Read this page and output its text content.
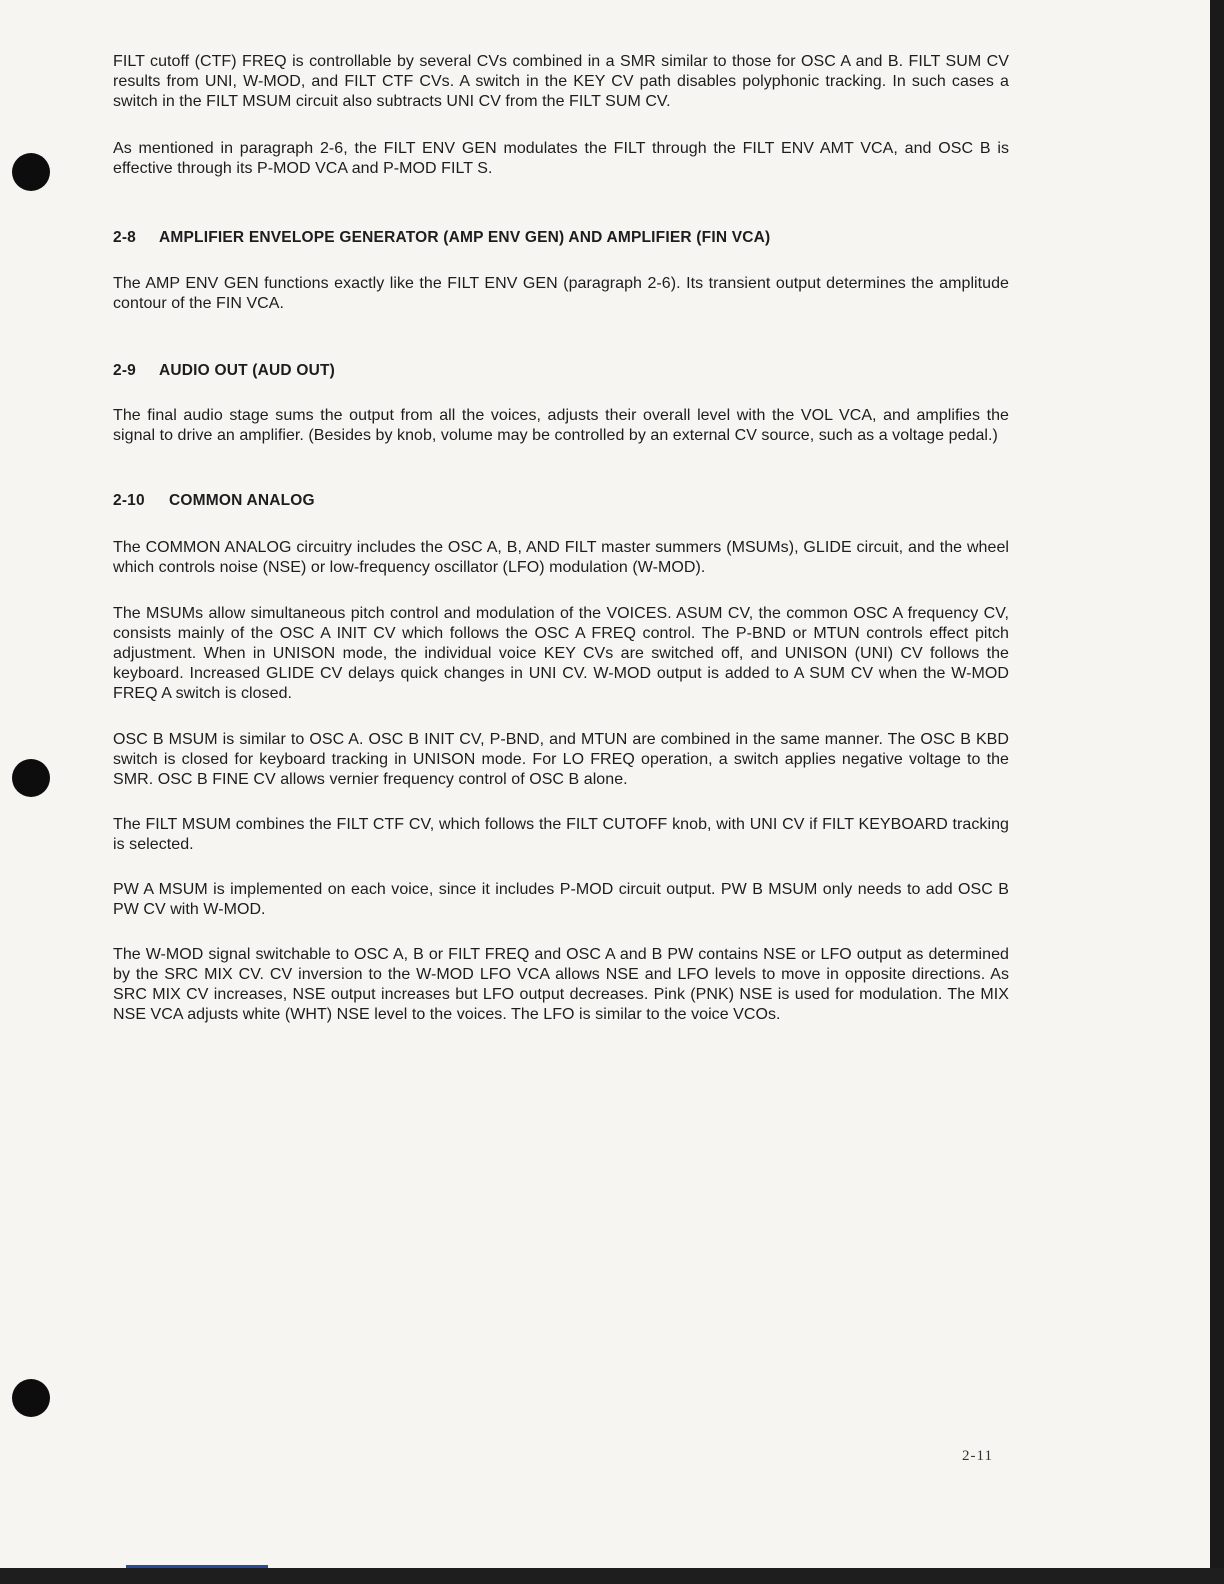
FILT cutoff (CTF) FREQ is controllable by several CVs combined in a SMR similar to those for OSC A and B. FILT SUM CV results from UNI, W-MOD, and FILT CTF CVs. A switch in the KEY CV path disables polyphonic tracking. In such cases a switch in the FILT MSUM circuit also subtracts UNI CV from the FILT SUM CV.

As mentioned in paragraph 2-6, the FILT ENV GEN modulates the FILT through the FILT ENV AMT VCA, and OSC B is effective through its P-MOD VCA and P-MOD FILT S.

2-8 AMPLIFIER ENVELOPE GENERATOR (AMP ENV GEN) AND AMPLIFIER (FIN VCA)

The AMP ENV GEN functions exactly like the FILT ENV GEN (paragraph 2-6). Its transient output determines the amplitude contour of the FIN VCA.

2-9 AUDIO OUT (AUD OUT)

The final audio stage sums the output from all the voices, adjusts their overall level with the VOL VCA, and amplifies the signal to drive an amplifier. (Besides by knob, volume may be controlled by an external CV source, such as a voltage pedal.)

2-10 COMMON ANALOG

The COMMON ANALOG circuitry includes the OSC A, B, AND FILT master summers (MSUMs), GLIDE circuit, and the wheel which controls noise (NSE) or low-frequency oscillator (LFO) modulation (W-MOD).

The MSUMs allow simultaneous pitch control and modulation of the VOICES. ASUM CV, the common OSC A frequency CV, consists mainly of the OSC A INIT CV which follows the OSC A FREQ control. The P-BND or MTUN controls effect pitch adjustment. When in UNISON mode, the individual voice KEY CVs are switched off, and UNISON (UNI) CV follows the keyboard. Increased GLIDE CV delays quick changes in UNI CV. W-MOD output is added to A SUM CV when the W-MOD FREQ A switch is closed.

OSC B MSUM is similar to OSC A. OSC B INIT CV, P-BND, and MTUN are combined in the same manner. The OSC B KBD switch is closed for keyboard tracking in UNISON mode. For LO FREQ operation, a switch applies negative voltage to the SMR. OSC B FINE CV allows vernier frequency control of OSC B alone.

The FILT MSUM combines the FILT CTF CV, which follows the FILT CUTOFF knob, with UNI CV if FILT KEYBOARD tracking is selected.

PW A MSUM is implemented on each voice, since it includes P-MOD circuit output. PW B MSUM only needs to add OSC B PW CV with W-MOD.

The W-MOD signal switchable to OSC A, B or FILT FREQ and OSC A and B PW contains NSE or LFO output as determined by the SRC MIX CV. CV inversion to the W-MOD LFO VCA allows NSE and LFO levels to move in opposite directions. As SRC MIX CV increases, NSE output increases but LFO output decreases. Pink (PNK) NSE is used for modulation. The MIX NSE VCA adjusts white (WHT) NSE level to the voices. The LFO is similar to the voice VCOs.

2-11
